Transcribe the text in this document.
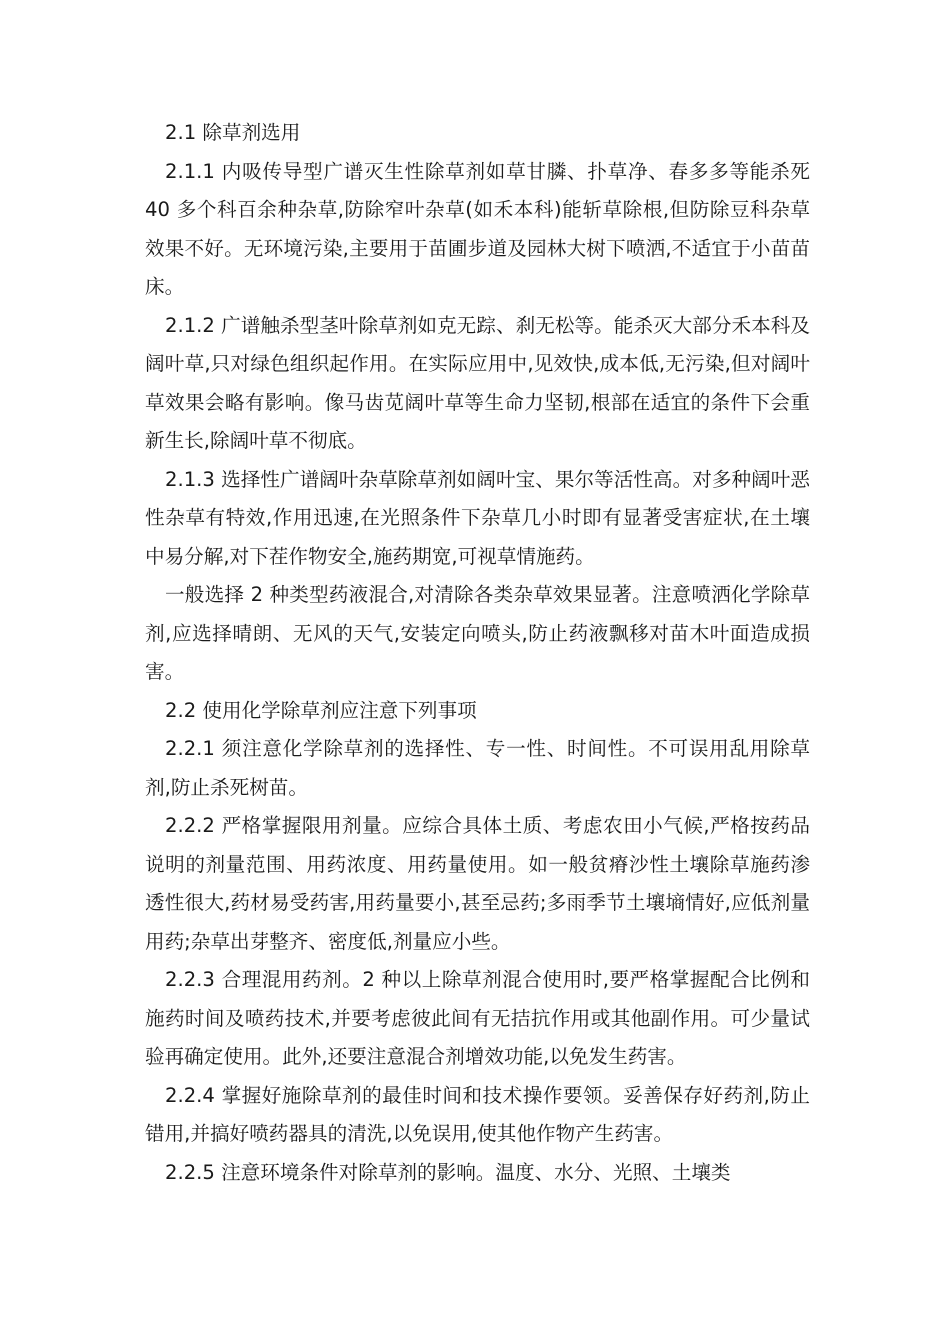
2.1 除草剂选用

2.1.1 内吸传导型广谱灭生性除草剂如草甘膦、扑草净、春多多等能杀死 40 多个科百余种杂草,防除窄叶杂草(如禾本科)能斩草除根,但防除豆科杂草效果不好。无环境污染,主要用于苗圃步道及园林大树下喷洒,不适宜于小苗苗床。

2.1.2 广谱触杀型茎叶除草剂如克无踪、刹无松等。能杀灭大部分禾本科及阔叶草,只对绿色组织起作用。在实际应用中,见效快,成本低,无污染,但对阔叶草效果会略有影响。像马齿苋阔叶草等生命力坚韧,根部在适宜的条件下会重新生长,除阔叶草不彻底。

2.1.3 选择性广谱阔叶杂草除草剂如阔叶宝、果尔等活性高。对多种阔叶恶性杂草有特效,作用迅速,在光照条件下杂草几小时即有显著受害症状,在土壤中易分解,对下茬作物安全,施药期宽,可视草情施药。

一般选择 2 种类型药液混合,对清除各类杂草效果显著。注意喷洒化学除草剂,应选择晴朗、无风的天气,安装定向喷头,防止药液飘移对苗木叶面造成损害。

2.2 使用化学除草剂应注意下列事项

2.2.1 须注意化学除草剂的选择性、专一性、时间性。不可误用乱用除草剂,防止杀死树苗。

2.2.2 严格掌握限用剂量。应综合具体土质、考虑农田小气候,严格按药品说明的剂量范围、用药浓度、用药量使用。如一般贫瘠沙性土壤除草施药渗透性很大,药材易受药害,用药量要小,甚至忌药;多雨季节土壤墒情好,应低剂量用药;杂草出芽整齐、密度低,剂量应小些。

2.2.3 合理混用药剂。2 种以上除草剂混合使用时,要严格掌握配合比例和施药时间及喷药技术,并要考虑彼此间有无拮抗作用或其他副作用。可少量试验再确定使用。此外,还要注意混合剂增效功能,以免发生药害。

2.2.4 掌握好施除草剂的最佳时间和技术操作要领。妥善保存好药剂,防止错用,并搞好喷药器具的清洗,以免误用,使其他作物产生药害。

2.2.5 注意环境条件对除草剂的影响。温度、水分、光照、土壤类
